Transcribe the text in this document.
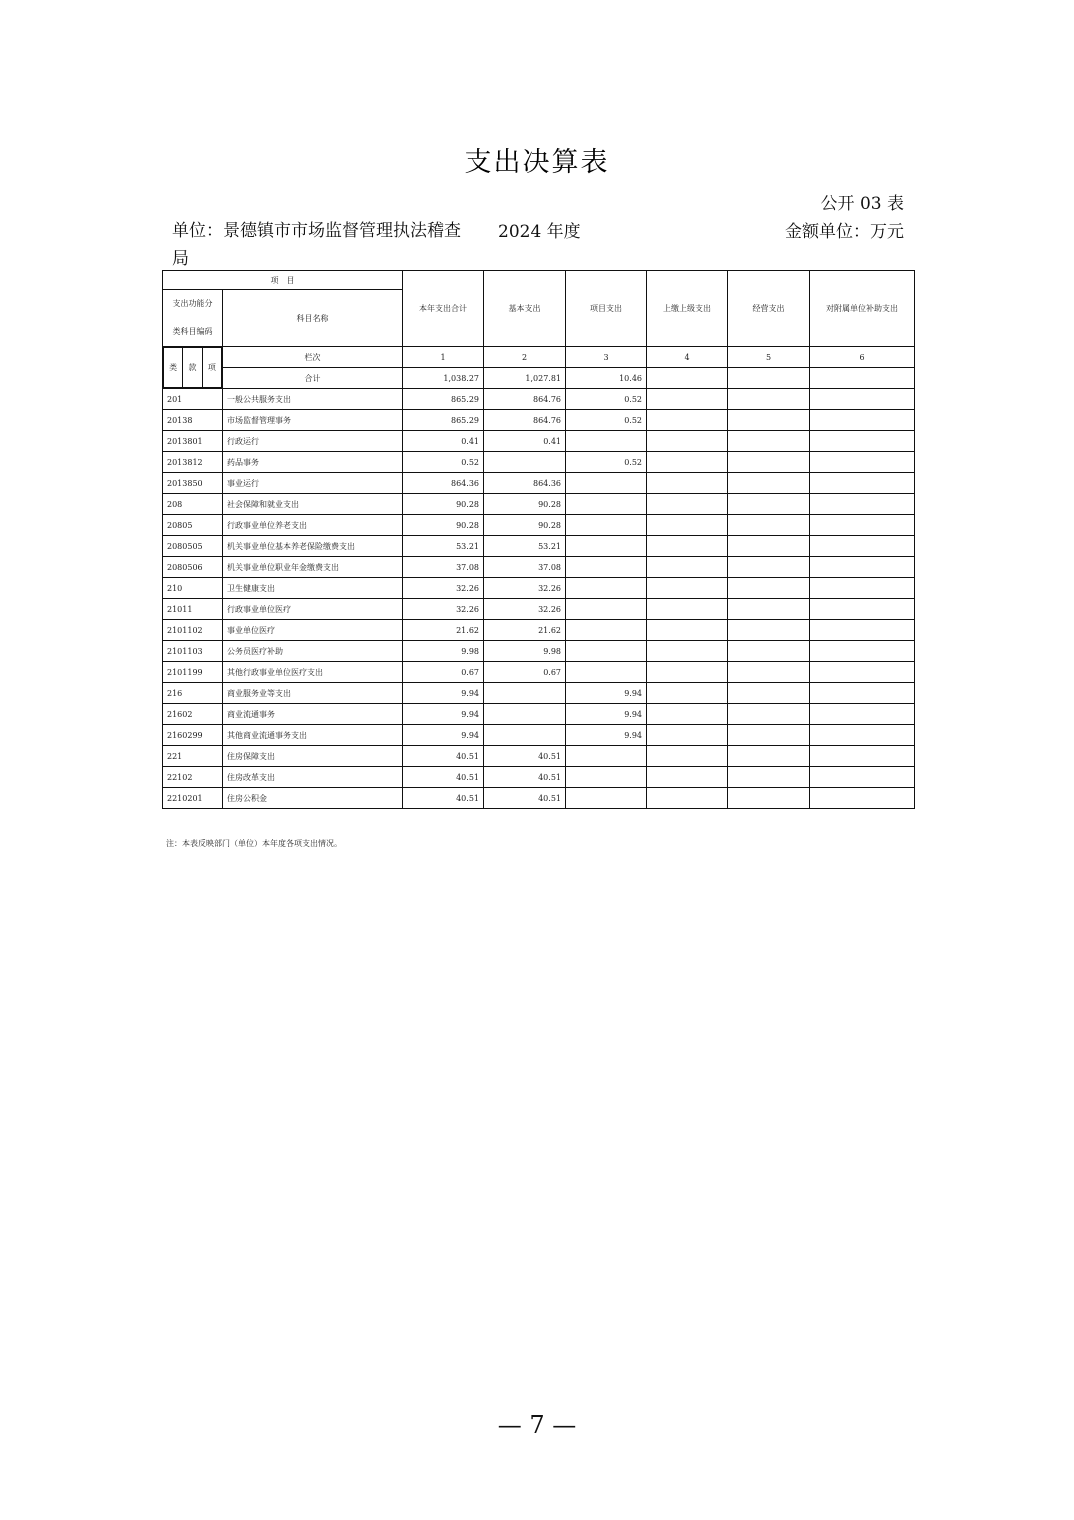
支出决算表
公开 03 表
单位：景德镇市市场监督管理执法稽查局
2024 年度	金额单位：万元
项　目	本年支出合计	基本支出	项目支出	上缴上级支出	经营支出	对附属单位补助支出

支出功能分
类科目编码
	科目名称

类	款	项
	栏次	1	2	3	4	5	6
合计	1,038.27	1,027.81	10.46			
201	一般公共服务支出	865.29	864.76	0.52			
20138	市场监督管理事务	865.29	864.76	0.52			
2013801	行政运行	0.41	0.41				
2013812	药品事务	0.52		0.52			
2013850	事业运行	864.36	864.36				
208	社会保障和就业支出	90.28	90.28				
20805	行政事业单位养老支出	90.28	90.28				
2080505	机关事业单位基本养老保险缴费支出	53.21	53.21				
2080506	机关事业单位职业年金缴费支出	37.08	37.08				
210	卫生健康支出	32.26	32.26				
21011	行政事业单位医疗	32.26	32.26				
2101102	事业单位医疗	21.62	21.62				
2101103	公务员医疗补助	9.98	9.98				
2101199	其他行政事业单位医疗支出	0.67	0.67				
216	商业服务业等支出	9.94		9.94			
21602	商业流通事务	9.94		9.94			
2160299	其他商业流通事务支出	9.94		9.94			
221	住房保障支出	40.51	40.51				
22102	住房改革支出	40.51	40.51				
2210201	住房公积金	40.51	40.51				
注：本表反映部门（单位）本年度各项支出情况。
— 7 —
